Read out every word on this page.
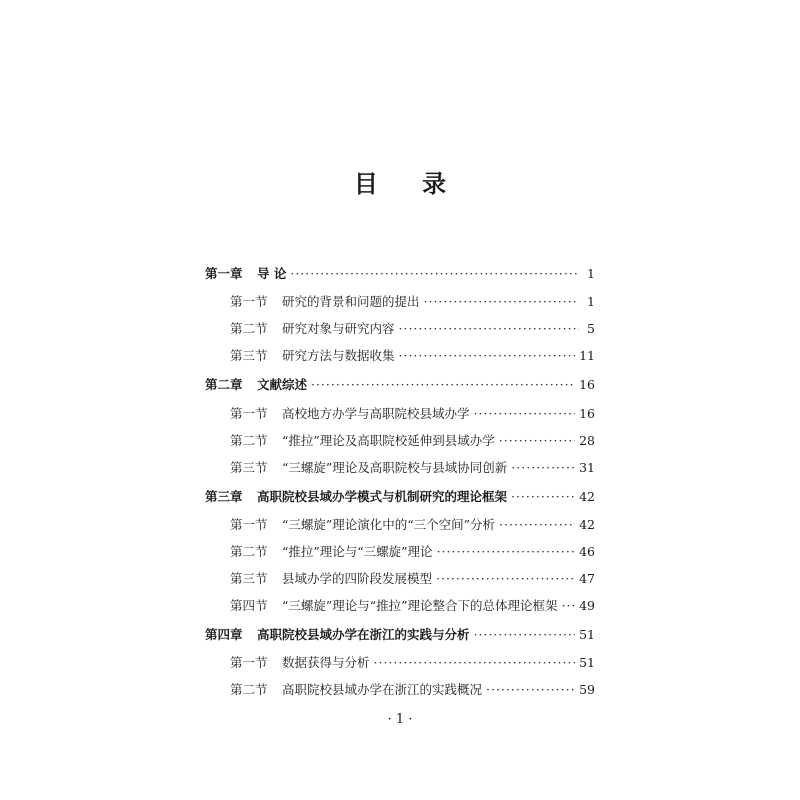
目 录
第一章	导 论 ·····	1
第一节	研究的背景和问题的提出 ·····	1
第二节	研究对象与研究内容 ·····	5
第三节	研究方法与数据收集 ·····	11
第二章	文献综述 ·····	16
第一节	高校地方办学与高职院校县域办学 ·····	16
第二节	“推拉”理论及高职院校延伸到县域办学 ·····	28
第三节	“三螺旋”理论及高职院校与县域协同创新 ·····	31
第三章	高职院校县域办学模式与机制研究的理论框架 ·····	42
第一节	“三螺旋”理论演化中的“三个空间”分析 ·····	42
第二节	“推拉”理论与“三螺旋”理论 ·····	46
第三节	县域办学的四阶段发展模型 ·····	47
第四节	“三螺旋”理论与“推拉”理论整合下的总体理论框架 ····· 49
第四章	高职院校县域办学在浙江的实践与分析 ·····	51
第一节	数据获得与分析 ·····	51
第二节	高职院校县域办学在浙江的实践概况 ·····	59
· 1 ·
